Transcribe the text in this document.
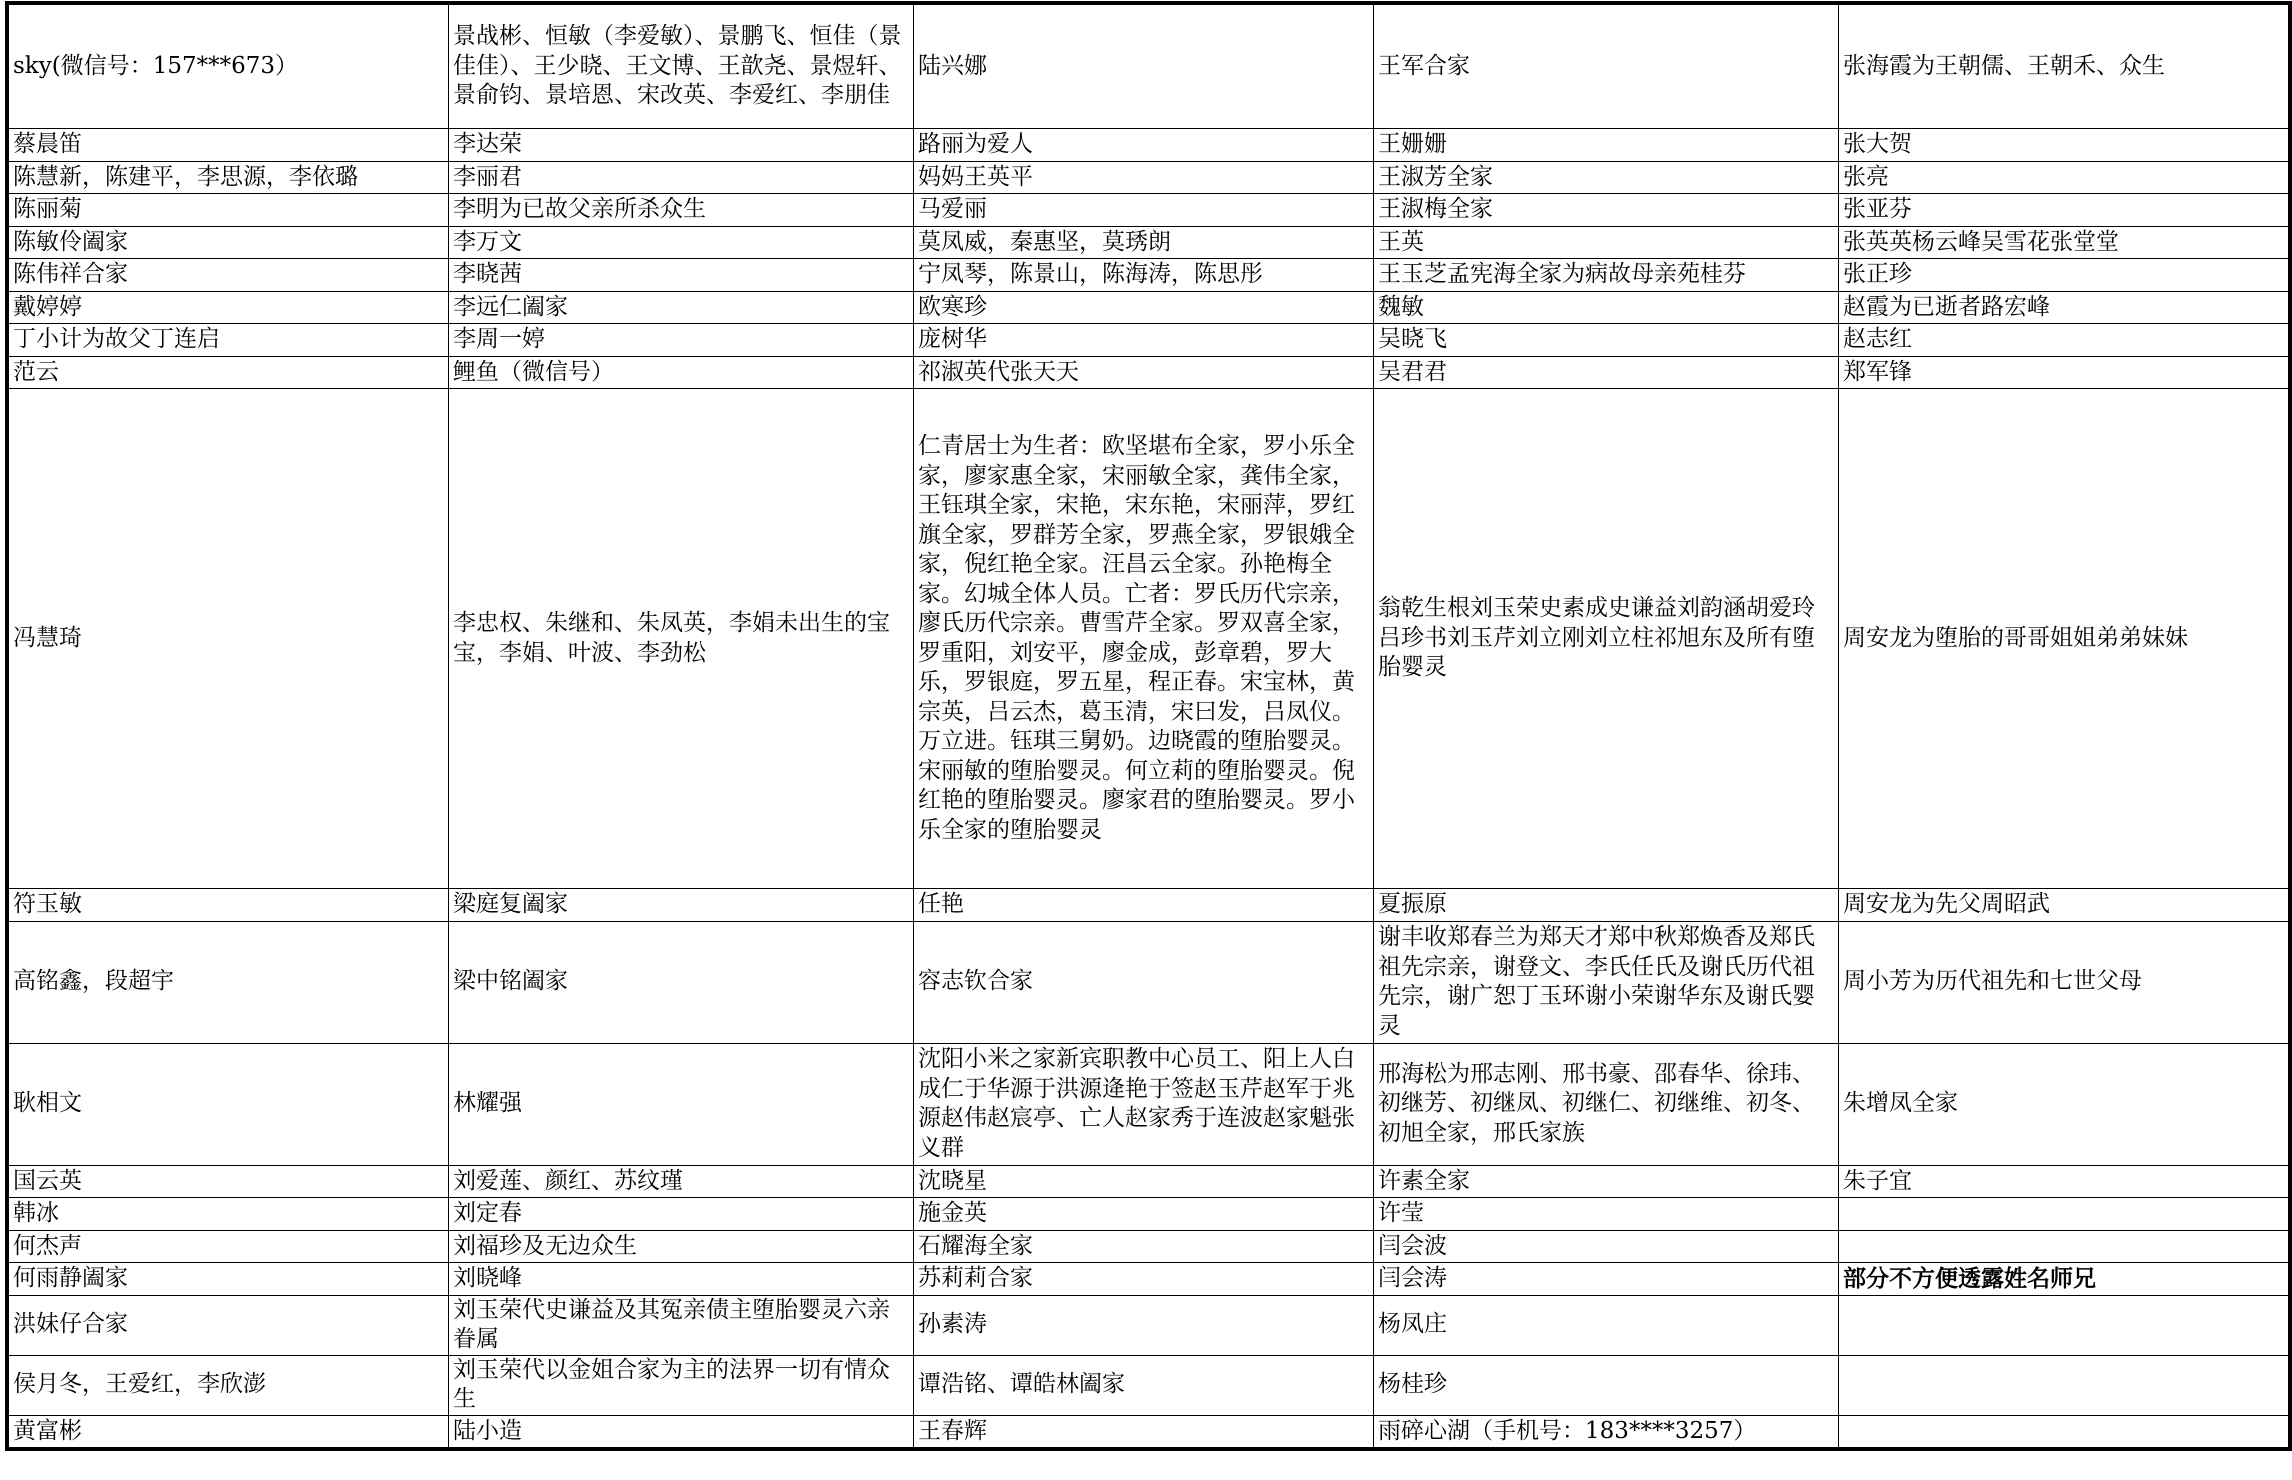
sky(微信号：157***673）	景战彬、恒敏（李爱敏）、景鹏飞、恒佳（景佳佳）、王少晓、王文博、王歆尧、景煜轩、景俞钧、景培恩、宋改英、李爱红、李朋佳	陆兴娜	王军合家	张海霞为王朝儒、王朝禾、众生
蔡晨笛	李达荣	路丽为爱人	王姗姗	张大贺
陈慧新，陈建平，李思源，李依璐	李丽君	妈妈王英平	王淑芳全家	张亮
陈丽菊	李明为已故父亲所杀众生	马爱丽	王淑梅全家	张亚芬
陈敏伶阖家	李万文	莫凤威，秦惠坚，莫琇朗	王英	张英英杨云峰吴雪花张堂堂
陈伟祥合家	李晓茜	宁凤琴，陈景山，陈海涛，陈思彤	王玉芝孟宪海全家为病故母亲苑桂芬	张正珍
戴婷婷	李远仁阖家	欧寒珍	魏敏	赵霞为已逝者路宏峰
丁小计为故父丁连启	李周一婷	庞树华	吴晓飞	赵志红
范云	鲤鱼（微信号）	祁淑英代张天天	吴君君	郑军锋
冯慧琦	李忠权、朱继和、朱凤英，李娟未出生的宝宝，李娟、叶波、李劲松	仁青居士为生者：欧坚堪布全家，罗小乐全家，廖家惠全家，宋丽敏全家，龚伟全家，王钰琪全家，宋艳，宋东艳，宋丽萍，罗红旗全家，罗群芳全家，罗燕全家，罗银娥全家，倪红艳全家。汪昌云全家。孙艳梅全家。幻城全体人员。亡者：罗氏历代宗亲，廖氏历代宗亲。曹雪芹全家。罗双喜全家，罗重阳，刘安平，廖金成，彭章碧，罗大乐，罗银庭，罗五星，程正春。宋宝林，黄宗英，吕云杰，葛玉清，宋曰发，吕凤仪。万立进。钰琪三舅奶。边晓霞的堕胎婴灵。宋丽敏的堕胎婴灵。何立莉的堕胎婴灵。倪红艳的堕胎婴灵。廖家君的堕胎婴灵。罗小乐全家的堕胎婴灵	翁乾生根刘玉荣史素成史谦益刘韵涵胡爱玲吕珍书刘玉芹刘立刚刘立柱祁旭东及所有堕胎婴灵	周安龙为堕胎的哥哥姐姐弟弟妹妹
符玉敏	梁庭复阖家	任艳	夏振原	周安龙为先父周昭武
高铭鑫，段超宇	梁中铭阖家	容志钦合家	谢丰收郑春兰为郑天才郑中秋郑焕香及郑氏祖先宗亲，谢登文、李氏任氏及谢氏历代祖先宗，谢广恕丁玉环谢小荣谢华东及谢氏婴灵	周小芳为历代祖先和七世父母
耿相文	林耀强	沈阳小米之家新宾职教中心员工、阳上人白成仁于华源于洪源逄艳于签赵玉芹赵军于兆源赵伟赵宸亭、亡人赵家秀于连波赵家魁张义群	邢海松为邢志刚、邢书豪、邵春华、徐玮、初继芳、初继凤、初继仁、初继维、初冬、初旭全家，邢氏家族	朱增凤全家
国云英	刘爱莲、颜红、苏纹瑾	沈晓星	许素全家	朱子宜
韩冰	刘定春	施金英	许莹	
何杰声	刘福珍及无边众生	石耀海全家	闫会波	
何雨静阖家	刘晓峰	苏莉莉合家	闫会涛	部分不方便透露姓名师兄
洪妹仔合家	刘玉荣代史谦益及其冤亲债主堕胎婴灵六亲眷属	孙素涛	杨凤庄	
侯月冬，王爱红，李欣澎	刘玉荣代以金姐合家为主的法界一切有情众生	谭浩铭、谭皓林阖家	杨桂珍	
黄富彬	陆小造	王春辉	雨碎心湖（手机号：183****3257）	
